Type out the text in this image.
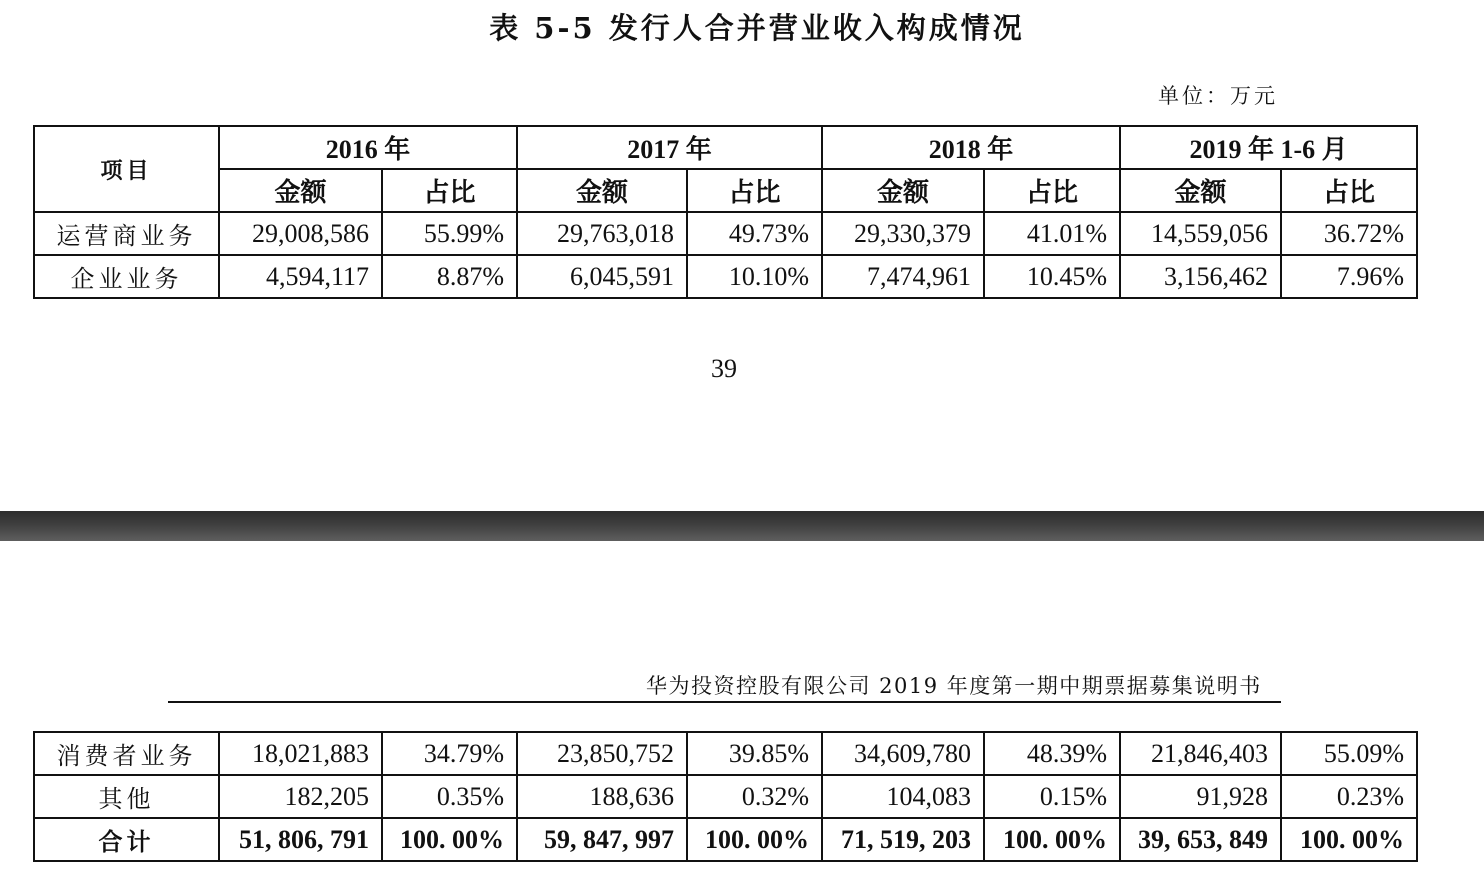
表 5-5 发行人合并营业收入构成情况
单位：万元
项目	2016 年		2017 年		2018 年		2019 年 1-6 月	
	金额	占比	金额	占比	金额	占比	金额	占比
运营商业务	29,008,586	55.99%	29,763,018	49.73%	29,330,379	41.01%	14,559,056	36.72%
企业业务	4,594,117	8.87%	6,045,591	10.10%	7,474,961	10.45%	3,156,462	7.96%
39
华为投资控股有限公司 2019 年度第一期中期票据募集说明书
消费者业务	18,021,883	34.79%	23,850,752	39.85%	34,609,780	48.39%	21,846,403	55.09%
其他	182,205	0.35%	188,636	0.32%	104,083	0.15%	91,928	0.23%
合计	51, 806, 791	100. 00%	59, 847, 997	100. 00%	71, 519, 203	100. 00%	39, 653, 849	100. 00%
